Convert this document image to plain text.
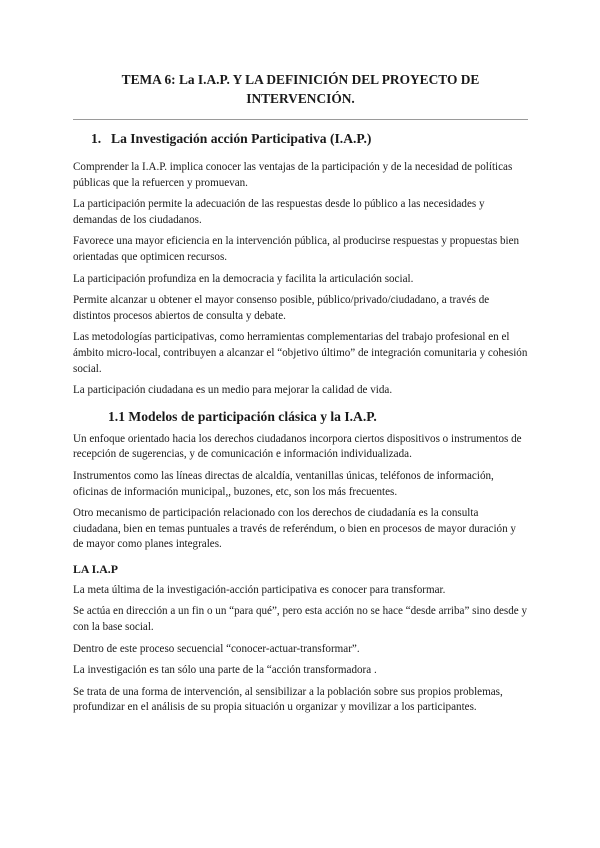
TEMA 6: La I.A.P. Y LA DEFINICIÓN DEL PROYECTO DE INTERVENCIÓN.
1. La Investigación acción Participativa (I.A.P.)

Comprender la I.A.P. implica conocer las ventajas de la participación y de la necesidad de políticas públicas que la refuercen y promuevan.

La participación permite la adecuación de las respuestas desde lo público a las necesidades y demandas de los ciudadanos.

Favorece una mayor eficiencia en la intervención pública, al producirse respuestas y propuestas bien orientadas que optimicen recursos.

La participación profundiza en la democracia y facilita la articulación social.

Permite alcanzar u obtener el mayor consenso posible, público/privado/ciudadano, a través de distintos procesos abiertos de consulta y debate.

Las metodologías participativas, como herramientas complementarias del trabajo profesional en el ámbito micro-local, contribuyen a alcanzar el “objetivo último” de integración comunitaria y cohesión social.

La participación ciudadana es un medio para mejorar la calidad de vida.

1.1 Modelos de participación clásica y la I.A.P.

Un enfoque orientado hacia los derechos ciudadanos incorpora ciertos dispositivos o instrumentos de recepción de sugerencias, y de comunicación e información individualizada.

Instrumentos como las líneas directas de alcaldía, ventanillas únicas, teléfonos de información, oficinas de información municipal,, buzones, etc, son los más frecuentes.

Otro mecanismo de participación relacionado con los derechos de ciudadanía es la consulta ciudadana, bien en temas puntuales a través de referéndum, o bien en procesos de mayor duración y de mayor como planes integrales.

LA I.A.P

La meta última de la investigación-acción participativa es conocer para transformar.

Se actúa en dirección a un fin o un “para qué”, pero esta acción no se hace “desde arriba” sino desde y con la base social.

Dentro de este proceso secuencial “conocer-actuar-transformar”.

La investigación es tan sólo una parte de la “acción transformadora .

Se trata de una forma de intervención, al sensibilizar a la población sobre sus propios problemas, profundizar en el análisis de su propia situación u organizar y movilizar a los participantes.
